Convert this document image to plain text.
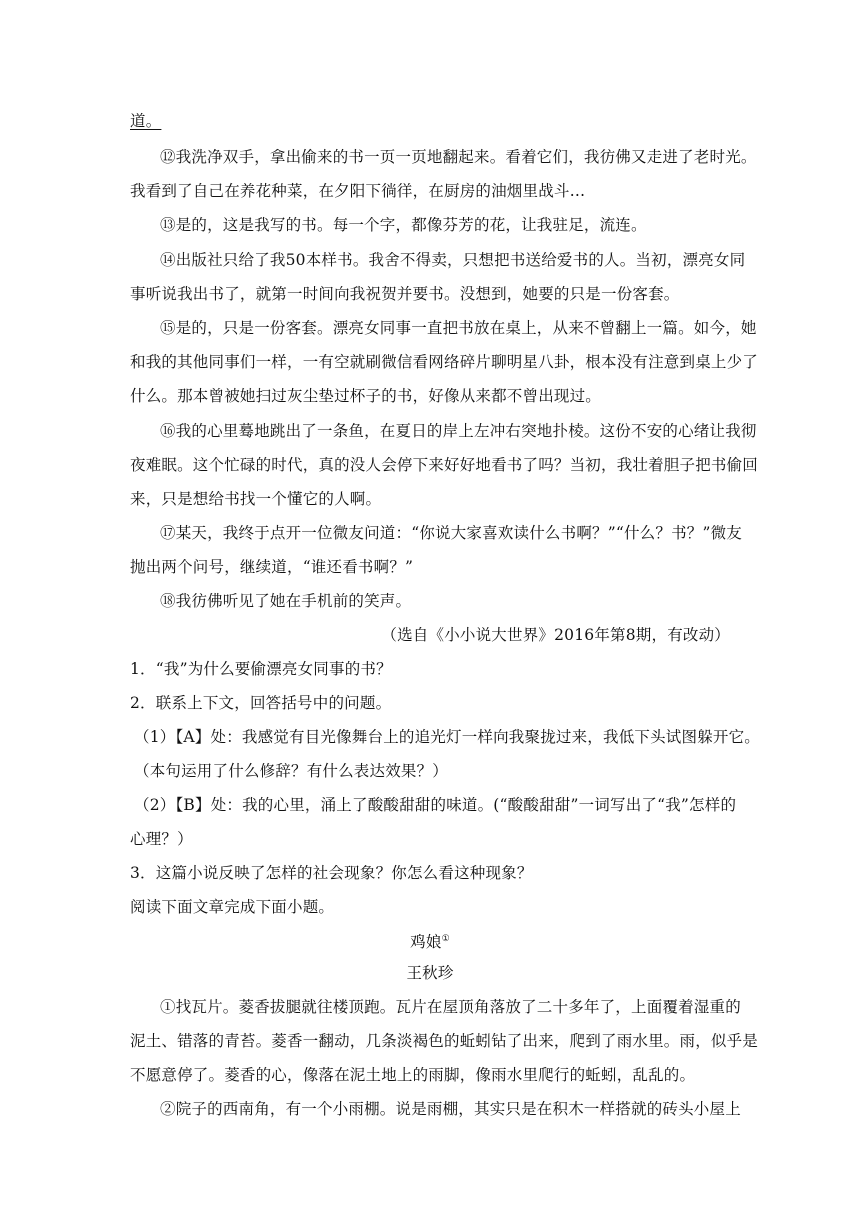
道。
⑫我洗净双手，拿出偷来的书一页一页地翻起来。看着它们，我彷佛又走进了老时光。
我看到了自己在养花种菜，在夕阳下徜徉，在厨房的油烟里战斗…
⑬是的，这是我写的书。每一个字，都像芬芳的花，让我驻足，流连。
⑭出版社只给了我50本样书。我舍不得卖，只想把书送给爱书的人。当初，漂亮女同
事听说我出书了，就第一时间向我祝贺并要书。没想到，她要的只是一份客套。
⑮是的，只是一份客套。漂亮女同事一直把书放在桌上，从来不曾翻上一篇。如今，她
和我的其他同事们一样，一有空就刷微信看网络碎片聊明星八卦，根本没有注意到桌上少了
什么。那本曾被她扫过灰尘垫过杯子的书，好像从来都不曾出现过。
⑯我的心里蓦地跳出了一条鱼，在夏日的岸上左冲右突地扑棱。这份不安的心绪让我彻
夜难眠。这个忙碌的时代，真的没人会停下来好好地看书了吗？当初，我壮着胆子把书偷回
来，只是想给书找一个懂它的人啊。
⑰某天，我终于点开一位微友问道：“你说大家喜欢读什么书啊？”“什么？书？”微友
抛出两个问号，继续道，“谁还看书啊？”
⑱我彷佛听见了她在手机前的笑声。
（选自《小小说大世界》2016年第8期，有改动）
1．“我”为什么要偷漂亮女同事的书？
2．联系上下文，回答括号中的问题。
（1）【A】处：我感觉有目光像舞台上的追光灯一样向我聚拢过来，我低下头试图躲开它。
（本句运用了什么修辞？有什么表达效果？）
（2）【B】处：我的心里，涌上了酸酸甜甜的味道。(“酸酸甜甜”一词写出了“我”怎样的
心理？）
3．这篇小说反映了怎样的社会现象？你怎么看这种现象？
阅读下面文章完成下面小题。
鸡娘①
王秋珍
①找瓦片。菱香拔腿就往楼顶跑。瓦片在屋顶角落放了二十多年了，上面覆着湿重的
泥土、错落的青苔。菱香一翻动，几条淡褐色的蚯蚓钻了出来，爬到了雨水里。雨，似乎是
不愿意停了。菱香的心，像落在泥土地上的雨脚，像雨水里爬行的蚯蚓，乱乱的。
②院子的西南角，有一个小雨棚。说是雨棚，其实只是在积木一样搭就的砖头小屋上
